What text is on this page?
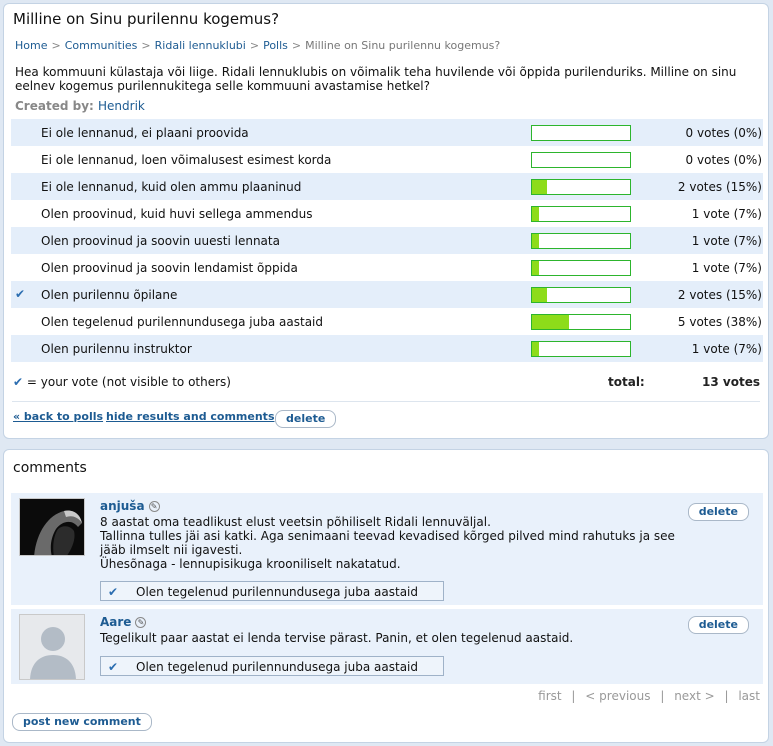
Milline on Sinu purilennu kogemus?
Home > Communities > Ridali lennuklubi > Polls > Milline on Sinu purilennu kogemus?
Hea kommuuni külastaja või liige. Ridali lennuklubis on võimalik teha huvilende või õppida purilenduriks. Milline on sinu eelnev kogemus purilennukitega selle kommuuni avastamise hetkel?
Created by: Hendrik
Ei ole lennanud, ei plaani proovida	0 votes (0%)
Ei ole lennanud, loen võimalusest esimest korda	0 votes (0%)
Ei ole lennanud, kuid olen ammu plaaninud	2 votes (15%)
Olen proovinud, kuid huvi sellega ammendus	1 vote (7%)
Olen proovinud ja soovin uuesti lennata	1 vote (7%)
Olen proovinud ja soovin lendamist õppida	1 vote (7%)
✔ Olen purilennu õpilane	2 votes (15%)
Olen tegelenud purilennundusega juba aastaid	5 votes (38%)
Olen purilennu instruktor	1 vote (7%)
✔ = your vote (not visible to others)	total:	13 votes
« back to polls hide results and comments	delete
comments
anjuša ✎
8 aastat oma teadlikust elust veetsin põhiliselt Ridali lennuväljal.
Tallinna tulles jäi asi katki. Aga senimaani teevad kevadised kõrged pilved mind rahutuks ja see jääb ilmselt nii igavesti.
Ühesõnaga - lennupisikuga krooniliselt nakatatud.
✔ Olen tegelenud purilennundusega juba aastaid
delete
Aare ✎
Tegelikult paar aastat ei lenda tervise pärast. Panin, et olen tegelenud aastaid.
✔ Olen tegelenud purilennundusega juba aastaid
delete
first | < previous | next > | last
post new comment
